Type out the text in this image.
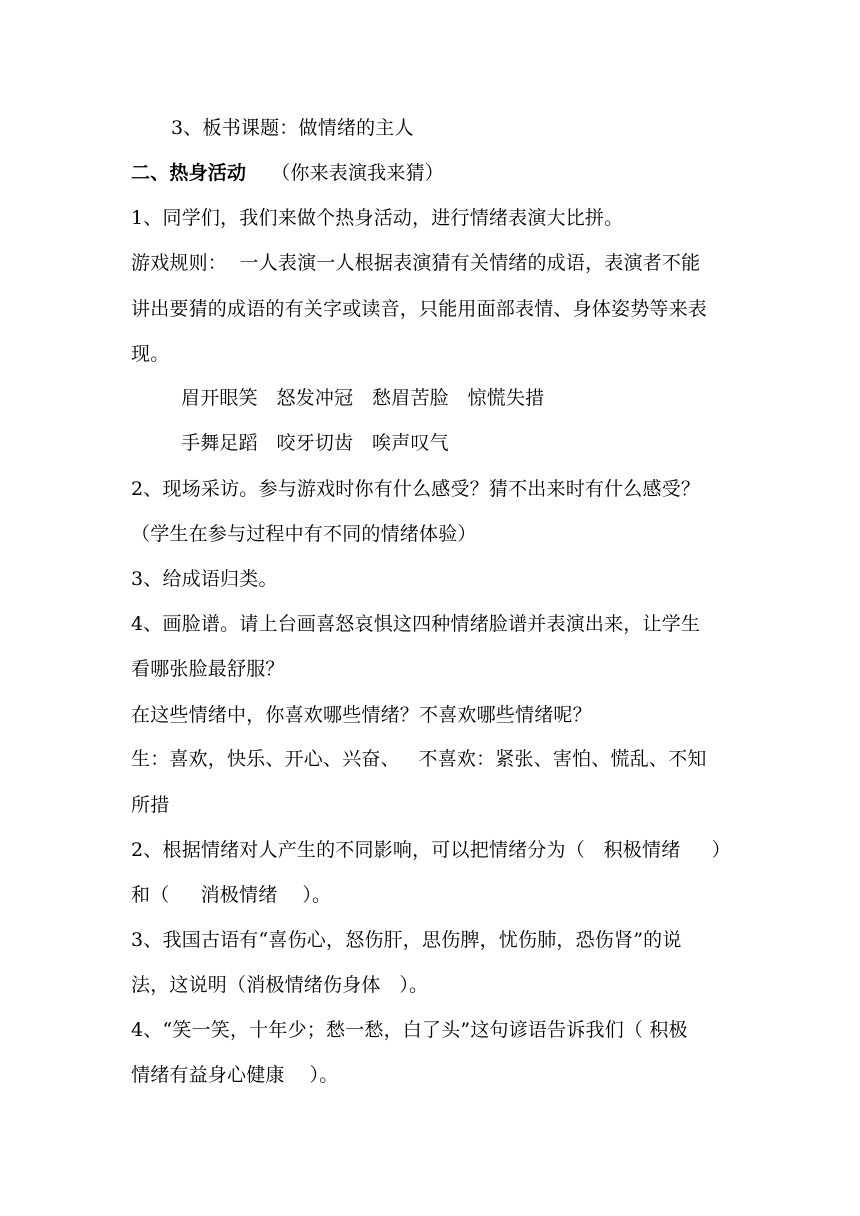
3、板书课题：做情绪的主人
二、热身活动 （你来表演我来猜）
1、同学们，我们来做个热身活动，进行情绪表演大比拼。
游戏规则：  一人表演一人根据表演猜有关情绪的成语，表演者不能
讲出要猜的成语的有关字或读音，只能用面部表情、身体姿势等来表
现。
眉开眼笑   怒发冲冠   愁眉苦脸   惊慌失措
手舞足蹈   咬牙切齿   唉声叹气
2、现场采访。参与游戏时你有什么感受？猜不出来时有什么感受？
（学生在参与过程中有不同的情绪体验）
3、给成语归类。
4、画脸谱。请上台画喜怒哀惧这四种情绪脸谱并表演出来，让学生
看哪张脸最舒服？
在这些情绪中，你喜欢哪些情绪？不喜欢哪些情绪呢？
生：喜欢，快乐、开心、兴奋、   不喜欢：紧张、害怕、慌乱、不知
所措
2、根据情绪对人产生的不同影响，可以把情绪分为（   积极情绪     ）
和（     消极情绪    ）。
3、我国古语有“喜伤心，怒伤肝，思伤脾，忧伤肺，恐伤肾”的说
法，这说明（消极情绪伤身体   ）。
4、“笑一笑，十年少；愁一愁，白了头”这句谚语告诉我们（ 积极
情绪有益身心健康    ）。
